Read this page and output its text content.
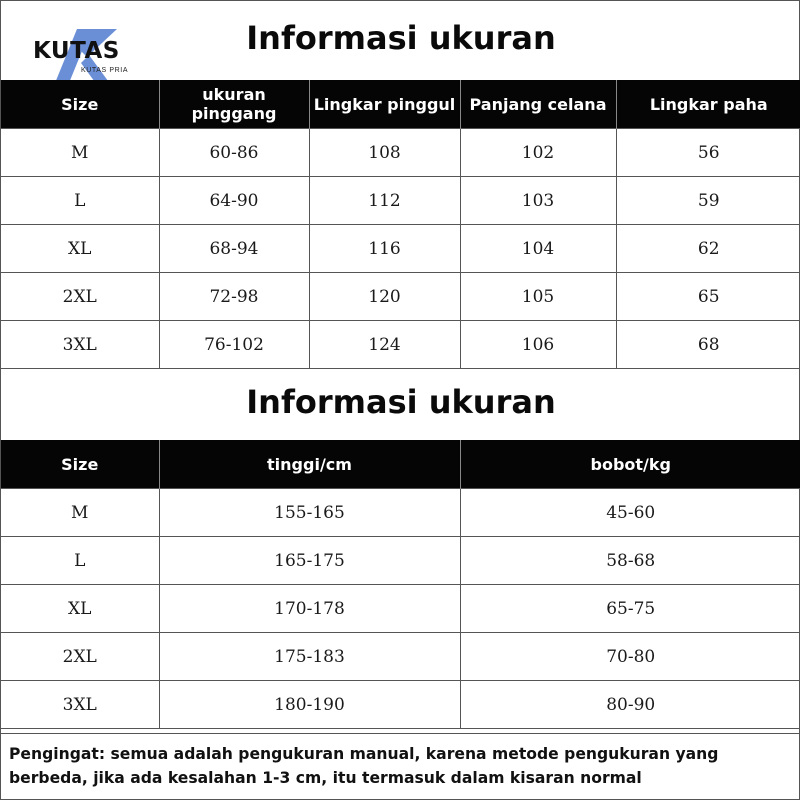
KUTAS
KUTAS PRIA
Informasi ukuran
Size	ukuran pinggang	Lingkar pinggul	Panjang celana	Lingkar paha
M	60-86	108	102	56
L	64-90	112	103	59
XL	68-94	116	104	62
2XL	72-98	120	105	65
3XL	76-102	124	106	68
Informasi ukuran
Size	tinggi/cm	bobot/kg
M	155-165	45-60
L	165-175	58-68
XL	170-178	65-75
2XL	175-183	70-80
3XL	180-190	80-90
Pengingat: semua adalah pengukuran manual, karena metode pengukuran yang berbeda, jika ada kesalahan 1-3 cm, itu termasuk dalam kisaran normal
